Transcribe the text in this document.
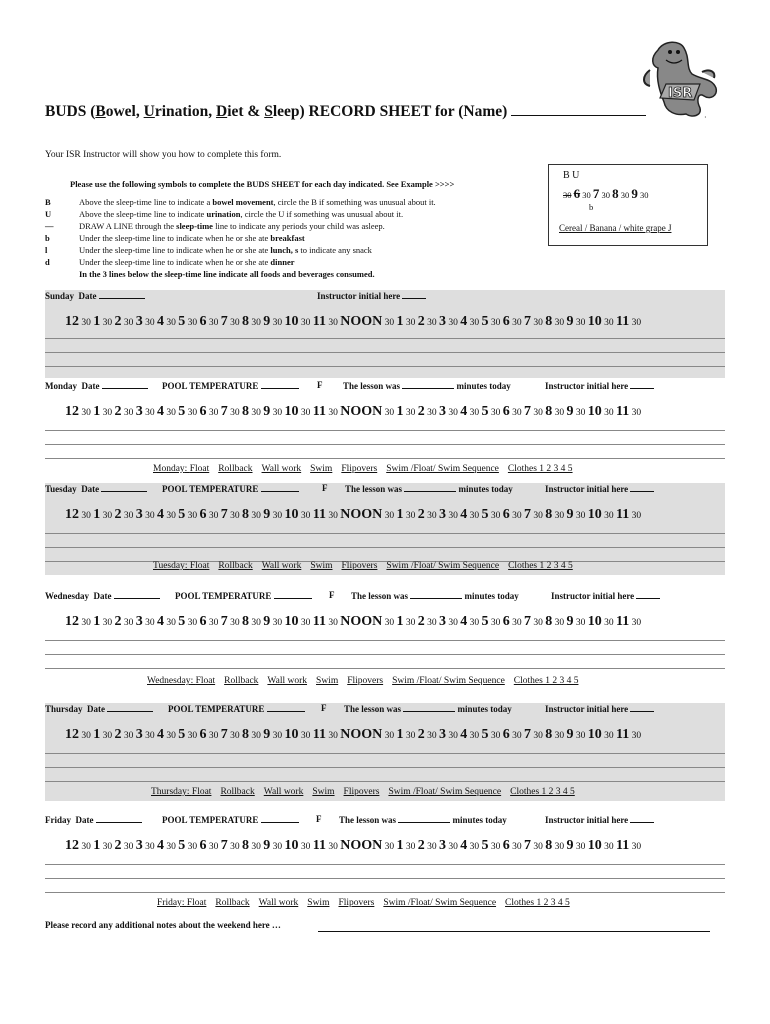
BUDS (Bowel, Urination, Diet & Sleep) RECORD SHEET for (Name)
ISR
·
Your ISR Instructor will show you how to complete this form.
Please use the following symbols to complete the BUDS SHEET for each day indicated. See Example >>>>
B	Above the sleep-time line to indicate a bowel movement, circle the B if something was unusual about it.
U	Above the sleep-time line to indicate urination, circle the U if something was unusual about it.
—	DRAW A LINE through the sleep-time line to indicate any periods your child was asleep.
b	Under the sleep-time line to indicate when he or she ate breakfast
l	Under the sleep-time line to indicate when he or she ate lunch, s to indicate any snack
d	Under the sleep-time line to indicate when he or she ate dinner
In the 3 lines below the sleep-time line indicate all foods and beverages consumed.
B U
30 6 30 7 30 8 30 9 30
b
Cereal / Banana / white grape J
Sunday Date	Instructor initial here
12 30 1 30 2 30 3 30 4 30 5 30 6 30 7 30 8 30 9 30 10 30 11 30 NOON 30 1 30 2 30 3 30 4 30 5 30 6 30 7 30 8 30 9 30 10 30 11 30
Monday Date	POOL TEMPERATURE	F The lesson was	minutes today	Instructor initial here
12 30 1 30 2 30 3 30 4 30 5 30 6 30 7 30 8 30 9 30 10 30 11 30 NOON 30 1 30 2 30 3 30 4 30 5 30 6 30 7 30 8 30 9 30 10 30 11 30
Monday: Float Rollback Wall work Swim Flipovers Swim /Float/ Swim Sequence Clothes 1 2 3 4 5
Tuesday Date	POOL TEMPERATURE	F The lesson was	minutes today	Instructor initial here
12 30 1 30 2 30 3 30 4 30 5 30 6 30 7 30 8 30 9 30 10 30 11 30 NOON 30 1 30 2 30 3 30 4 30 5 30 6 30 7 30 8 30 9 30 10 30 11 30
Tuesday: Float Rollback Wall work Swim Flipovers Swim /Float/ Swim Sequence Clothes 1 2 3 4 5
Wednesday Date	POOL TEMPERATURE	F The lesson was	minutes today	Instructor initial here
12 30 1 30 2 30 3 30 4 30 5 30 6 30 7 30 8 30 9 30 10 30 11 30 NOON 30 1 30 2 30 3 30 4 30 5 30 6 30 7 30 8 30 9 30 10 30 11 30
Wednesday: Float Rollback Wall work Swim Flipovers Swim /Float/ Swim Sequence Clothes 1 2 3 4 5
Thursday Date	POOL TEMPERATURE	F The lesson was	minutes today	Instructor initial here
12 30 1 30 2 30 3 30 4 30 5 30 6 30 7 30 8 30 9 30 10 30 11 30 NOON 30 1 30 2 30 3 30 4 30 5 30 6 30 7 30 8 30 9 30 10 30 11 30
Thursday: Float Rollback Wall work Swim Flipovers Swim /Float/ Swim Sequence Clothes 1 2 3 4 5
Friday Date	POOL TEMPERATURE	F The lesson was	minutes today	Instructor initial here
12 30 1 30 2 30 3 30 4 30 5 30 6 30 7 30 8 30 9 30 10 30 11 30 NOON 30 1 30 2 30 3 30 4 30 5 30 6 30 7 30 8 30 9 30 10 30 11 30
Friday: Float Rollback Wall work Swim Flipovers Swim /Float/ Swim Sequence Clothes 1 2 3 4 5
Please record any additional notes about the weekend here …
